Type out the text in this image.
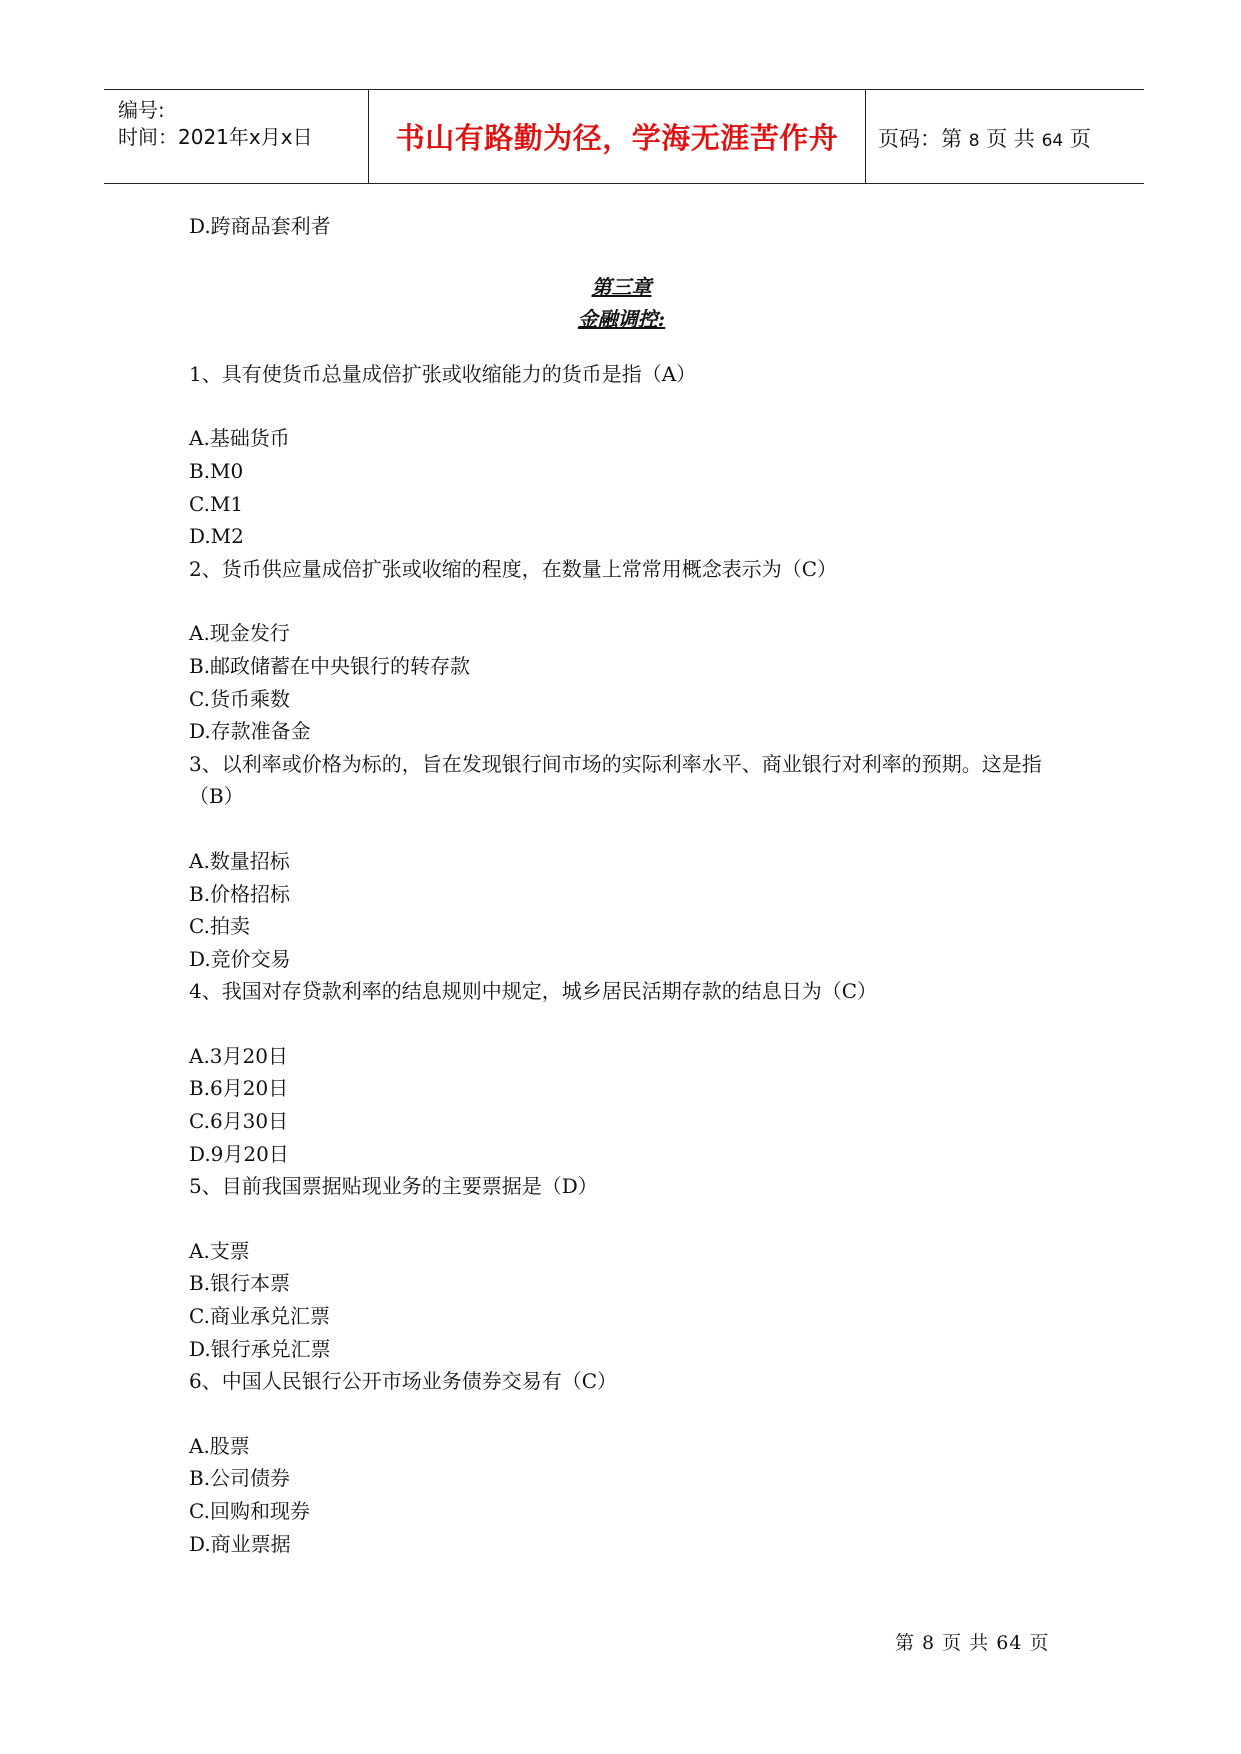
编号:
时间：2021年x月x日	书山有路勤为径，学海无涯苦作舟	页码：第 8 页 共 64 页
D.跨商品套利者
第三章
金融调控:
1、具有使货币总量成倍扩张或收缩能力的货币是指（A）
A.基础货币
B.M0
C.M1
D.M2
2、货币供应量成倍扩张或收缩的程度，在数量上常常用概念表示为（C）
A.现金发行
B.邮政储蓄在中央银行的转存款
C.货币乘数
D.存款准备金
3、以利率或价格为标的，旨在发现银行间市场的实际利率水平、商业银行对利率的预期。这是指（B）
A.数量招标
B.价格招标
C.拍卖
D.竞价交易
4、我国对存贷款利率的结息规则中规定，城乡居民活期存款的结息日为（C）
A.3月20日
B.6月20日
C.6月30日
D.9月20日
5、目前我国票据贴现业务的主要票据是（D）
A.支票
B.银行本票
C.商业承兑汇票
D.银行承兑汇票
6、中国人民银行公开市场业务债券交易有（C）
A.股票
B.公司债券
C.回购和现券
D.商业票据
第 8 页 共 64 页
